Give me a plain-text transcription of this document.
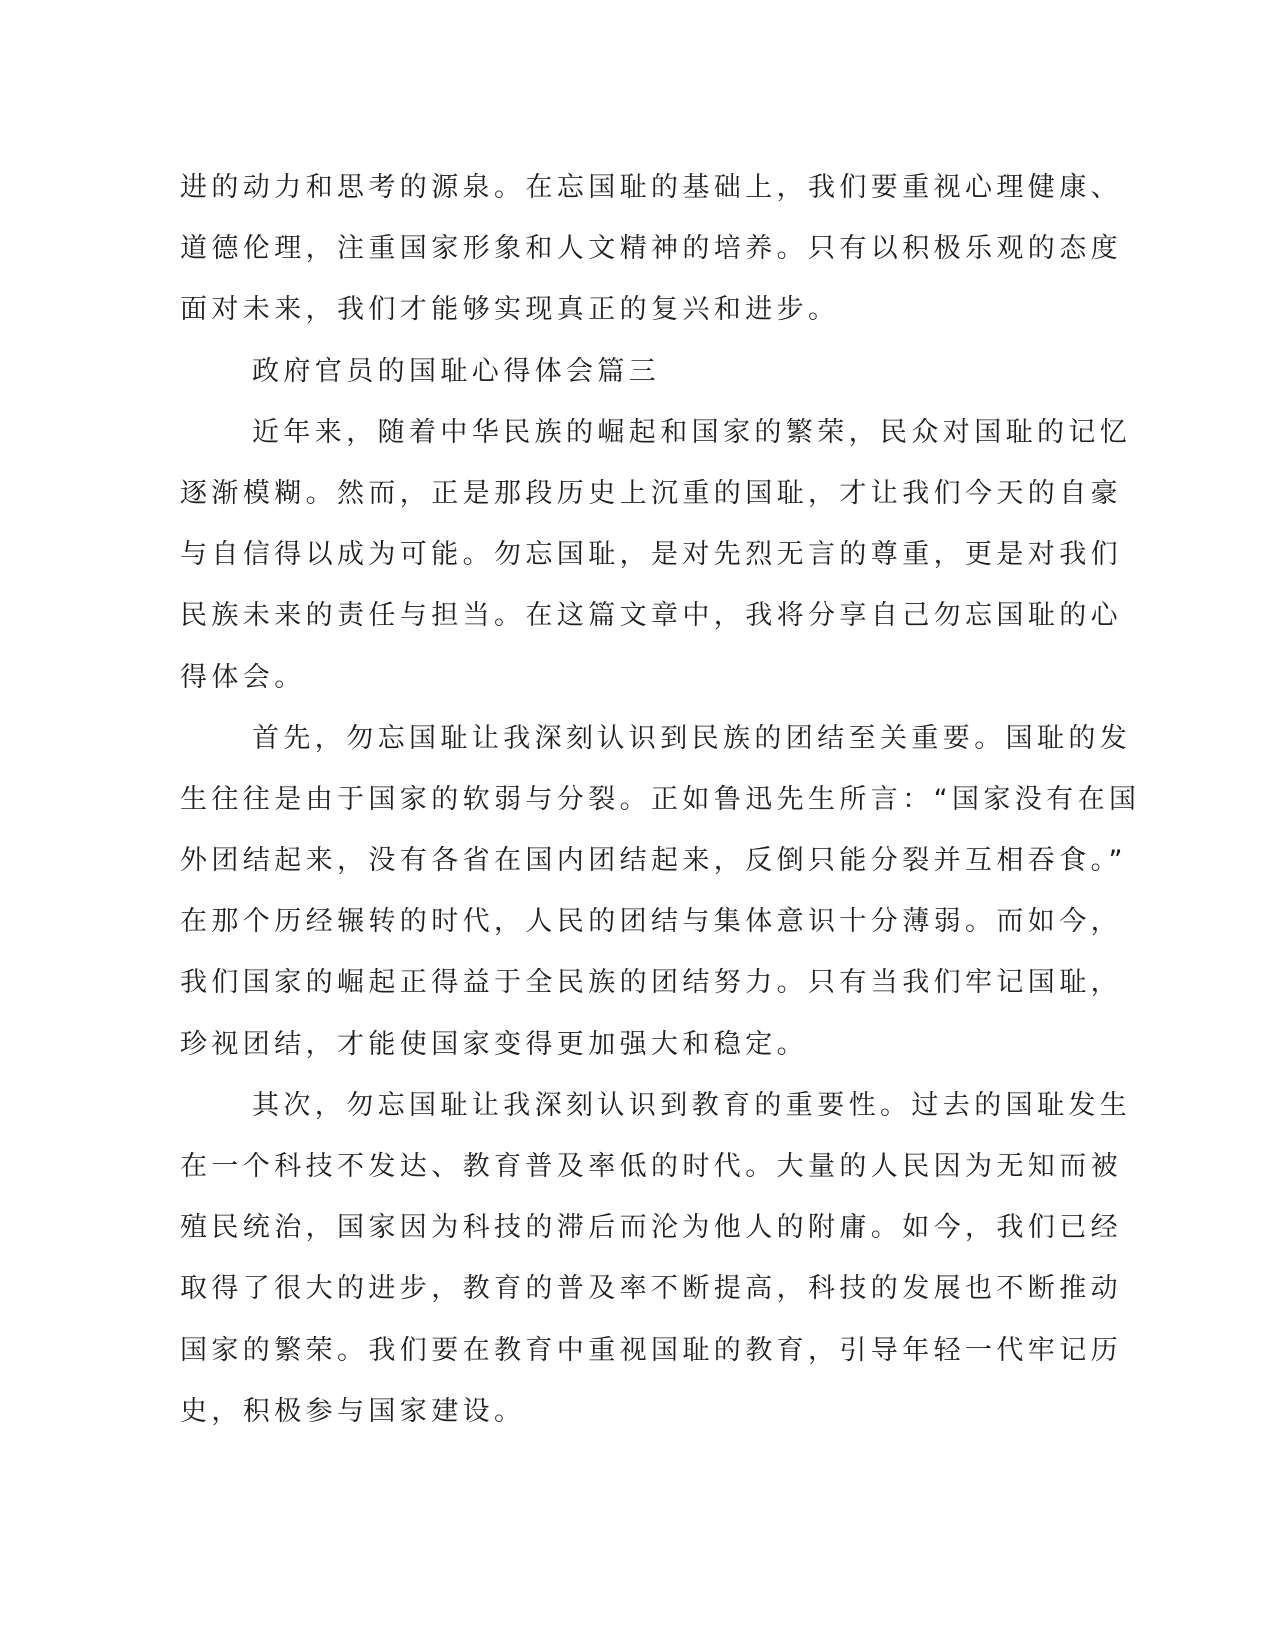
进的动力和思考的源泉。在忘国耻的基础上，我们要重视心理健康、
道德伦理，注重国家形象和人文精神的培养。只有以积极乐观的态度
面对未来，我们才能够实现真正的复兴和进步。
政府官员的国耻心得体会篇三
近年来，随着中华民族的崛起和国家的繁荣，民众对国耻的记忆
逐渐模糊。然而，正是那段历史上沉重的国耻，才让我们今天的自豪
与自信得以成为可能。勿忘国耻，是对先烈无言的尊重，更是对我们
民族未来的责任与担当。在这篇文章中，我将分享自己勿忘国耻的心
得体会。
首先，勿忘国耻让我深刻认识到民族的团结至关重要。国耻的发
生往往是由于国家的软弱与分裂。正如鲁迅先生所言：“国家没有在国
外团结起来，没有各省在国内团结起来，反倒只能分裂并互相吞食。”
在那个历经辗转的时代，人民的团结与集体意识十分薄弱。而如今，
我们国家的崛起正得益于全民族的团结努力。只有当我们牢记国耻，
珍视团结，才能使国家变得更加强大和稳定。
其次，勿忘国耻让我深刻认识到教育的重要性。过去的国耻发生
在一个科技不发达、教育普及率低的时代。大量的人民因为无知而被
殖民统治，国家因为科技的滞后而沦为他人的附庸。如今，我们已经
取得了很大的进步，教育的普及率不断提高，科技的发展也不断推动
国家的繁荣。我们要在教育中重视国耻的教育，引导年轻一代牢记历
史，积极参与国家建设。
